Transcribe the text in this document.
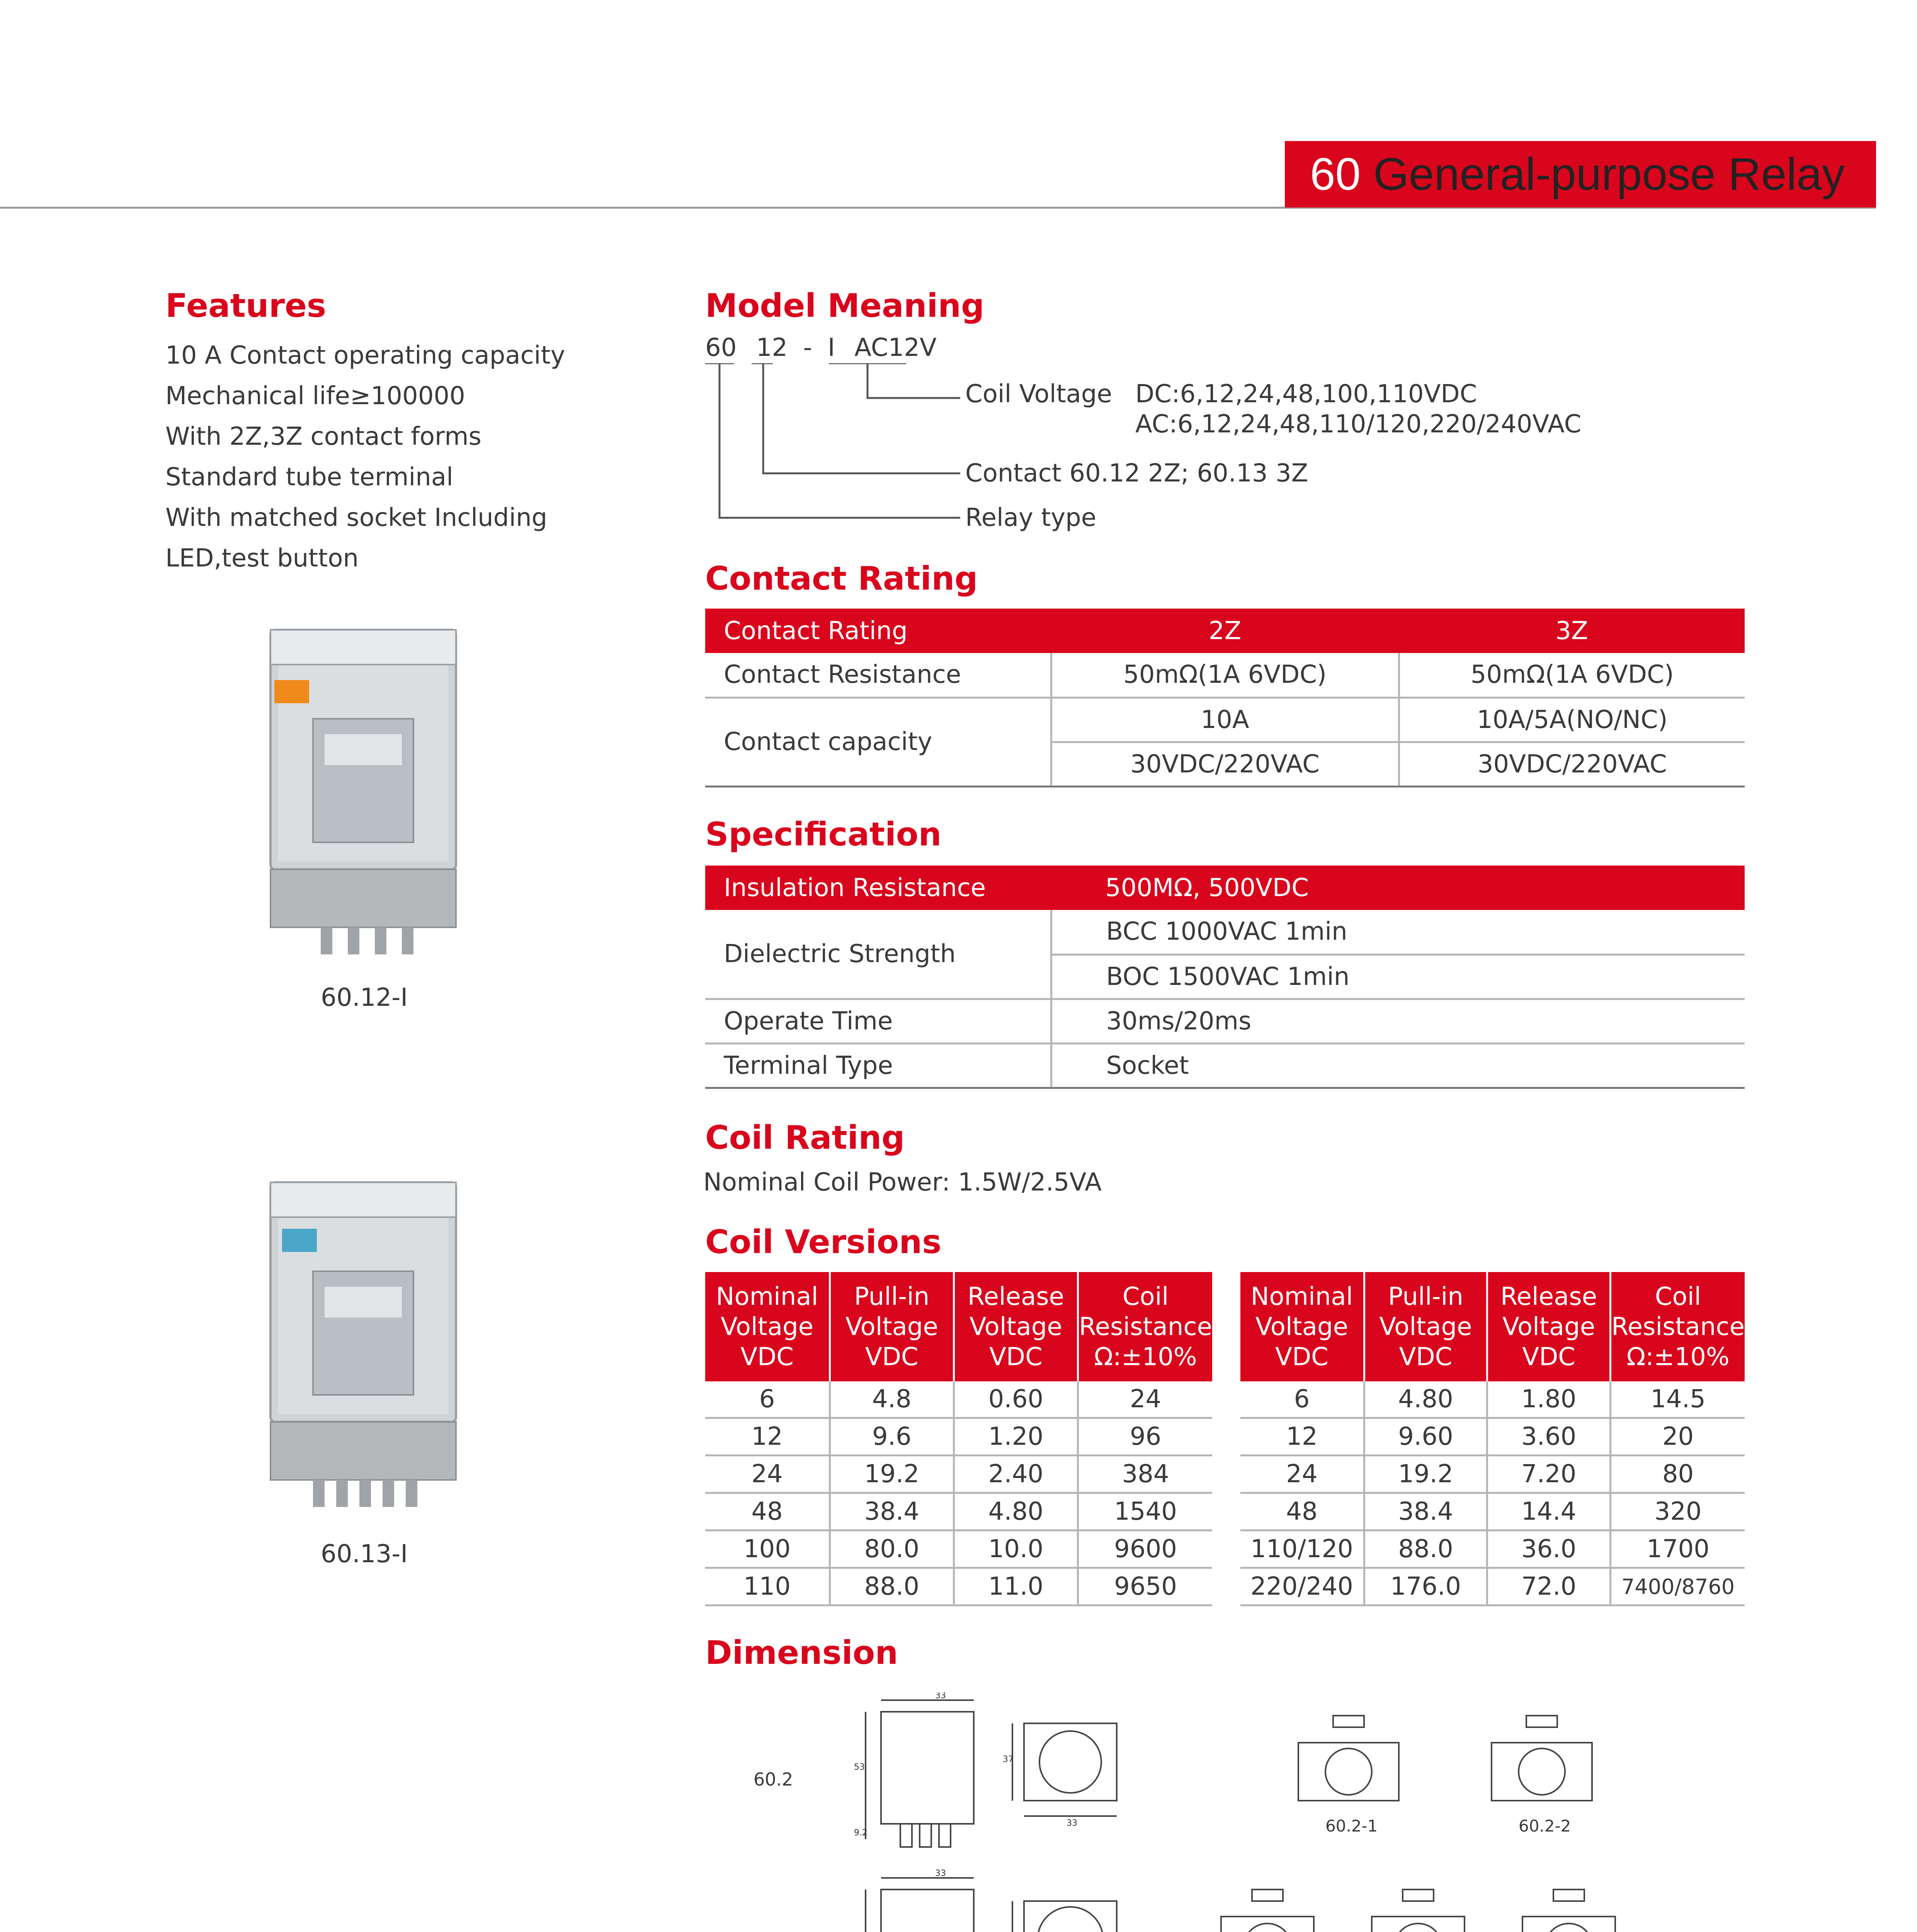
60 General-purpose Relay
Features
10 A Contact operating capacity
Mechanical life≥100000
With 2Z,3Z contact forms
Standard tube terminal
With matched socket Including
LED,test button
60.12-I
60.13-I
Model Meaning
60 12 - I AC12V
Coil Voltage DC:6,12,24,48,100,110VDC
AC:6,12,24,48,110/120,220/240VAC
Contact 60.12 2Z; 60.13 3Z
Relay type
Contact Rating
Contact Rating	2Z	3Z
Contact Resistance	50mΩ(1A 6VDC)	50mΩ(1A 6VDC)
Contact capacity	10A	10A/5A(NO/NC)
	30VDC/220VAC	30VDC/220VAC
Specification
Insulation Resistance	500MΩ, 500VDC
Dielectric Strength	BCC 1000VAC 1min
	BOC 1500VAC 1min
Operate Time	30ms/20ms
Terminal Type	Socket
Coil Rating
Nominal Coil Power: 1.5W/2.5VA
Coil Versions
Nominal
Voltage
VDC	Pull-in
Voltage
VDC	Release
Voltage
VDC	Coil
Resistance
Ω:±10%
6	4.8	0.60	24
12	9.6	1.20	96
24	19.2	2.40	384
48	38.4	4.80	1540
100	80.0	10.0	9600
110	88.0	11.0	9650
Nominal
Voltage
VDC	Pull-in
Voltage
VDC	Release
Voltage
VDC	Coil
Resistance
Ω:±10%
6	4.80	1.80	14.5
12	9.60	3.60	20
24	19.2	7.20	80
48	38.4	14.4	320
110/120	88.0	36.0	1700
220/240	176.0	72.0	7400/8760
Dimension
60.2
33
53
9.2
37
33
33
60.2-1	60.2-2
